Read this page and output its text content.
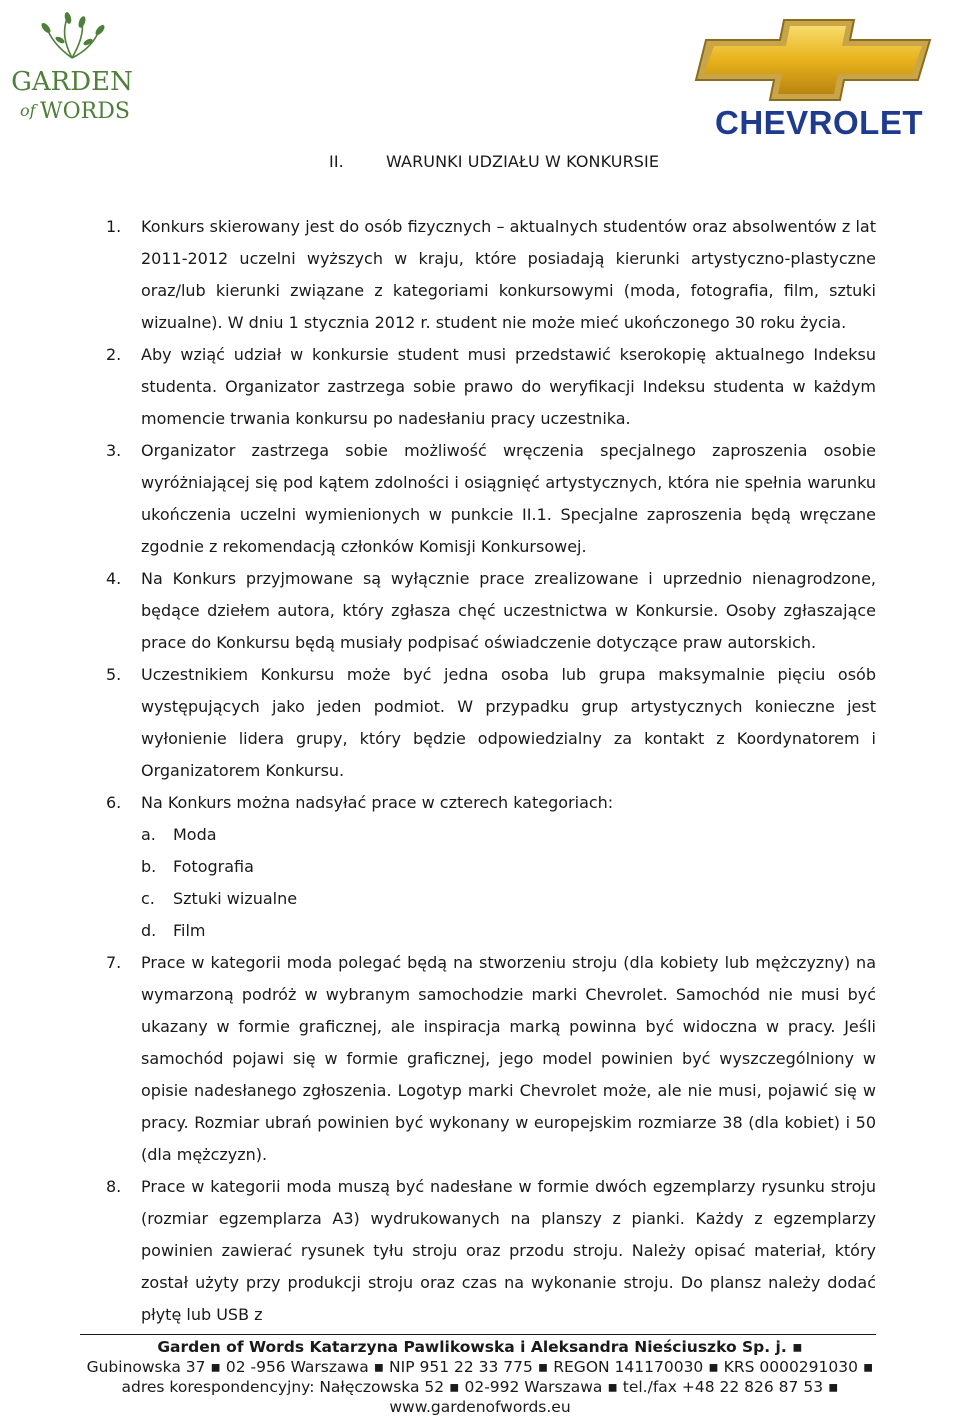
GARDEN
of WORDS	CHEVROLET
II.	WARUNKI UDZIAŁU W KONKURSIE
1. Konkurs skierowany jest do osób fizycznych – aktualnych studentów oraz absolwentów z lat 2011-2012 uczelni wyższych w kraju, które posiadają kierunki artystyczno-plastyczne oraz/lub kierunki związane z kategoriami konkursowymi (moda, fotografia, film, sztuki wizualne). W dniu 1 stycznia 2012 r. student nie może mieć ukończonego 30 roku życia.
2. Aby wziąć udział w konkursie student musi przedstawić kserokopię aktualnego Indeksu studenta. Organizator zastrzega sobie prawo do weryfikacji Indeksu studenta w każdym momencie trwania konkursu po nadesłaniu pracy uczestnika.
3. Organizator zastrzega sobie możliwość wręczenia specjalnego zaproszenia osobie wyróżniającej się pod kątem zdolności i osiągnięć artystycznych, która nie spełnia warunku ukończenia uczelni wymienionych w punkcie II.1. Specjalne zaproszenia będą wręczane zgodnie z rekomendacją członków Komisji Konkursowej.
4. Na Konkurs przyjmowane są wyłącznie prace zrealizowane i uprzednio nienagrodzone, będące dziełem autora, który zgłasza chęć uczestnictwa w Konkursie. Osoby zgłaszające prace do Konkursu będą musiały podpisać oświadczenie dotyczące praw autorskich.
5. Uczestnikiem Konkursu może być jedna osoba lub grupa maksymalnie pięciu osób występujących jako jeden podmiot. W przypadku grup artystycznych konieczne jest wyłonienie lidera grupy, który będzie odpowiedzialny za kontakt z Koordynatorem i Organizatorem Konkursu.
6. Na Konkurs można nadsyłać prace w czterech kategoriach:
a. Moda
b. Fotografia
c. Sztuki wizualne
d. Film
7. Prace w kategorii moda polegać będą na stworzeniu stroju (dla kobiety lub mężczyzny) na wymarzoną podróż w wybranym samochodzie marki Chevrolet. Samochód nie musi być ukazany w formie graficznej, ale inspiracja marką powinna być widoczna w pracy. Jeśli samochód pojawi się w formie graficznej, jego model powinien być wyszczególniony w opisie nadesłanego zgłoszenia. Logotyp marki Chevrolet może, ale nie musi, pojawić się w pracy. Rozmiar ubrań powinien być wykonany w europejskim rozmiarze 38 (dla kobiet) i 50 (dla mężczyzn).
8. Prace w kategorii moda muszą być nadesłane w formie dwóch egzemplarzy rysunku stroju (rozmiar egzemplarza A3) wydrukowanych na planszy z pianki. Każdy z egzemplarzy powinien zawierać rysunek tyłu stroju oraz przodu stroju. Należy opisać materiał, który został użyty przy produkcji stroju oraz czas na wykonanie stroju. Do plansz należy dodać płytę lub USB z
Garden of Words Katarzyna Pawlikowska i Aleksandra Nieściuszko Sp. j. ▪
Gubinowska 37 ▪ 02 -956 Warszawa ▪ NIP 951 22 33 775 ▪ REGON 141170030 ▪ KRS 0000291030 ▪
adres korespondencyjny: Nałęczowska 52 ▪ 02-992 Warszawa ▪ tel./fax +48 22 826 87 53 ▪
www.gardenofwords.eu
